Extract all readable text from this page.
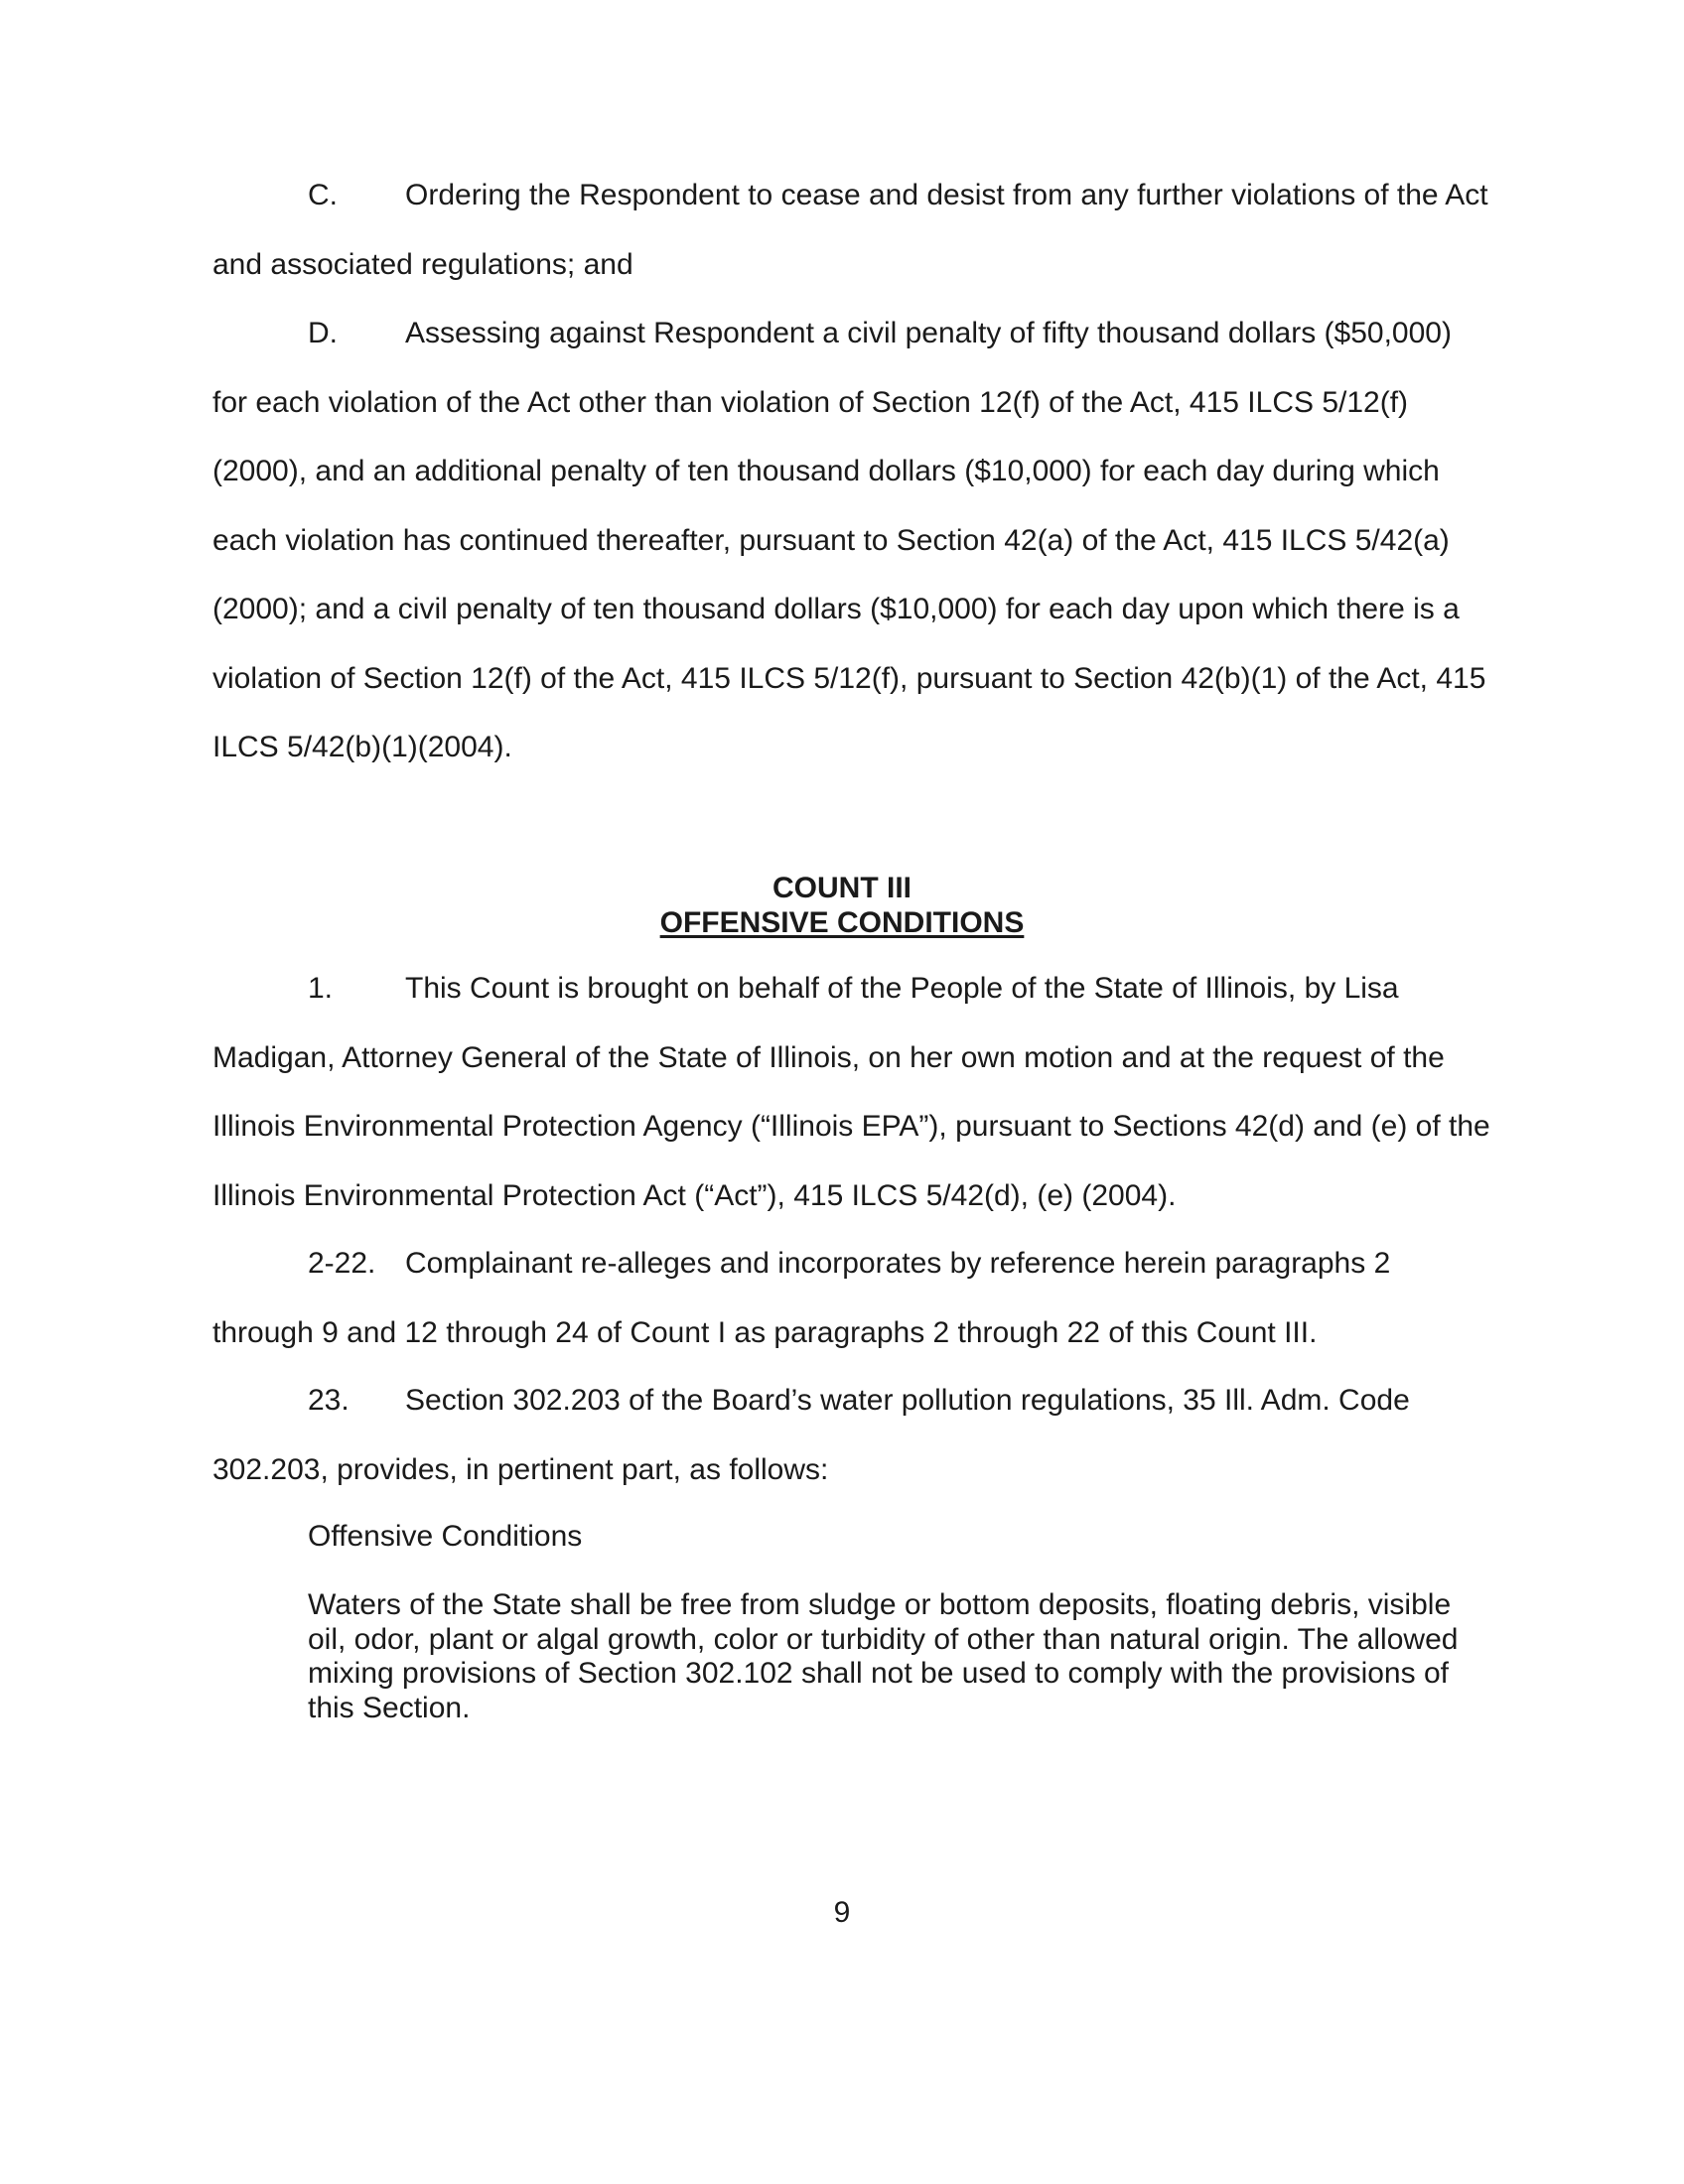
C. Ordering the Respondent to cease and desist from any further violations of the Act and associated regulations; and

D. Assessing against Respondent a civil penalty of fifty thousand dollars ($50,000) for each violation of the Act other than violation of Section 12(f) of the Act, 415 ILCS 5/12(f) (2000), and an additional penalty of ten thousand dollars ($10,000) for each day during which each violation has continued thereafter, pursuant to Section 42(a) of the Act, 415 ILCS 5/42(a)(2000); and a civil penalty of ten thousand dollars ($10,000) for each day upon which there is a violation of Section 12(f) of the Act, 415 ILCS 5/12(f), pursuant to Section 42(b)(1) of the Act, 415 ILCS 5/42(b)(1)(2004).

COUNT III
OFFENSIVE CONDITIONS

1. This Count is brought on behalf of the People of the State of Illinois, by Lisa Madigan, Attorney General of the State of Illinois, on her own motion and at the request of the Illinois Environmental Protection Agency (“Illinois EPA”), pursuant to Sections 42(d) and (e) of the Illinois Environmental Protection Act (“Act”), 415 ILCS 5/42(d), (e) (2004).

2-22. Complainant re-alleges and incorporates by reference herein paragraphs 2 through 9 and 12 through 24 of Count I as paragraphs 2 through 22 of this Count III.

23. Section 302.203 of the Board’s water pollution regulations, 35 Ill. Adm. Code 302.203, provides, in pertinent part, as follows:

Offensive Conditions
Waters of the State shall be free from sludge or bottom deposits, floating debris, visible oil, odor, plant or algal growth, color or turbidity of other than natural origin. The allowed mixing provisions of Section 302.102 shall not be used to comply with the provisions of this Section.
9
